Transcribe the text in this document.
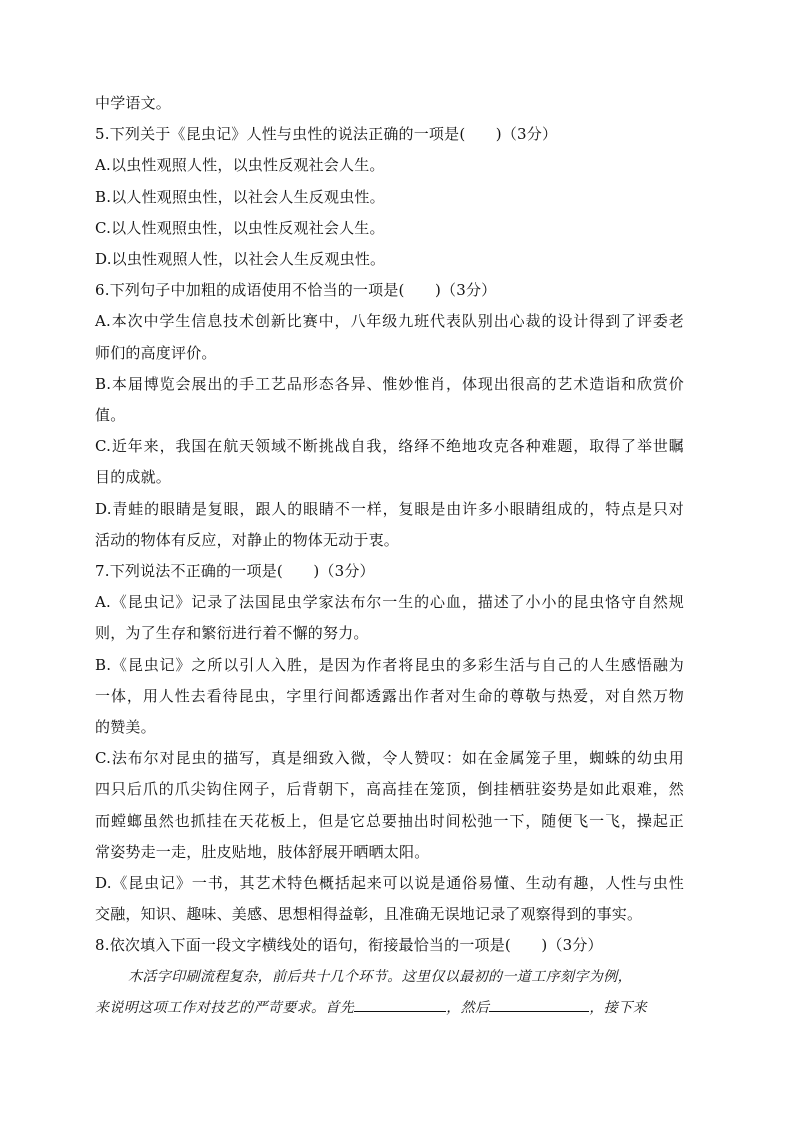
中学语文。
5.下列关于《昆虫记》人性与虫性的说法正确的一项是(　　)（3分）
A.以虫性观照人性，以虫性反观社会人生。
B.以人性观照虫性，以社会人生反观虫性。
C.以人性观照虫性，以虫性反观社会人生。
D.以虫性观照人性，以社会人生反观虫性。
6.下列句子中加粗的成语使用不恰当的一项是(　　)（3分）
A.本次中学生信息技术创新比赛中，八年级九班代表队别出心裁的设计得到了评委老
师们的高度评价。
B.本届博览会展出的手工艺品形态各异、惟妙惟肖，体现出很高的艺术造诣和欣赏价
值。
C.近年来，我国在航天领域不断挑战自我，络绎不绝地攻克各种难题，取得了举世瞩
目的成就。
D.青蛙的眼睛是复眼，跟人的眼睛不一样，复眼是由许多小眼睛组成的，特点是只对
活动的物体有反应，对静止的物体无动于衷。
7.下列说法不正确的一项是(　　)（3分）
A.《昆虫记》记录了法国昆虫学家法布尔一生的心血，描述了小小的昆虫恪守自然规
则，为了生存和繁衍进行着不懈的努力。
B.《昆虫记》之所以引人入胜，是因为作者将昆虫的多彩生活与自己的人生感悟融为
一体，用人性去看待昆虫，字里行间都透露出作者对生命的尊敬与热爱，对自然万物
的赞美。
C.法布尔对昆虫的描写，真是细致入微，令人赞叹：如在金属笼子里，蜘蛛的幼虫用
四只后爪的爪尖钩住网子，后背朝下，高高挂在笼顶，倒挂栖驻姿势是如此艰难，然
而螳螂虽然也抓挂在天花板上，但是它总要抽出时间松弛一下，随便飞一飞，操起正
常姿势走一走，肚皮贴地，肢体舒展开晒晒太阳。
D.《昆虫记》一书，其艺术特色概括起来可以说是通俗易懂、生动有趣，人性与虫性
交融，知识、趣味、美感、思想相得益彰，且准确无误地记录了观察得到的事实。
8.依次填入下面一段文字横线处的语句，衔接最恰当的一项是(　　)（3分）
木活字印刷流程复杂，前后共十几个环节。这里仅以最初的一道工序刻字为例，
来说明这项工作对技艺的严苛要求。首先	，然后	，接下来
